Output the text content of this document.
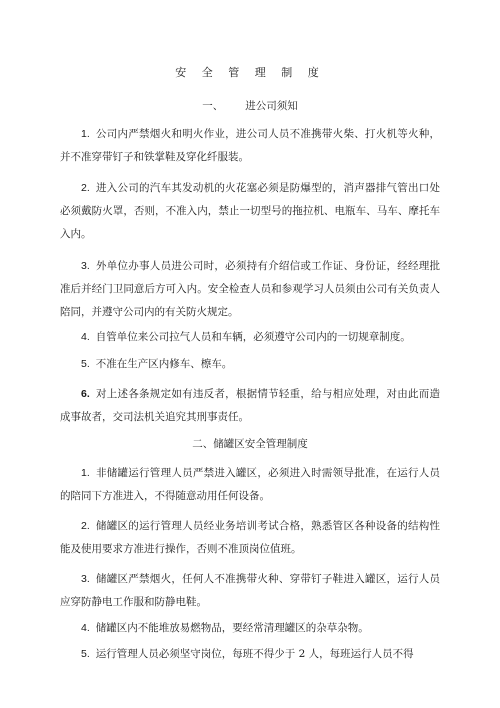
安 全 管 理 制 度
一、 进公司须知

1. 公司内严禁烟火和明火作业，进公司人员不准携带火柴、打火机等火种，并不准穿带钉子和铁掌鞋及穿化纤服装。

2. 进入公司的汽车其发动机的火花塞必须是防爆型的，消声器排气管出口处必须戴防火罩，否则，不准入内，禁止一切型号的拖拉机、电瓶车、马车、摩托车入内。

3. 外单位办事人员进公司时，必须持有介绍信或工作证、身份证，经经理批准后并经门卫同意后方可入内。安全检查人员和参观学习人员须由公司有关负责人陪同，并遵守公司内的有关防火规定。

4. 自管单位来公司拉气人员和车辆，必须遵守公司内的一切规章制度。

5. 不准在生产区内修车、檫车。

6. 对上述各条规定如有违反者，根据情节轻重，给与相应处理，对由此而造成事故者，交司法机关追究其刑事责任。

二、储罐区安全管理制度

1. 非储罐运行管理人员严禁进入罐区，必须进入时需领导批准，在运行人员的陪同下方准进入，不得随意动用任何设备。

2. 储罐区的运行管理人员经业务培训考试合格，熟悉管区各种设备的结构性能及使用要求方准进行操作，否则不准顶岗位值班。

3. 储罐区严禁烟火，任何人不准携带火种、穿带钉子鞋进入罐区，运行人员应穿防静电工作服和防静电鞋。

4. 储罐区内不能堆放易燃物品，要经常清理罐区的杂草杂物。

5. 运行管理人员必须坚守岗位，每班不得少于 2 人，每班运行人员不得
